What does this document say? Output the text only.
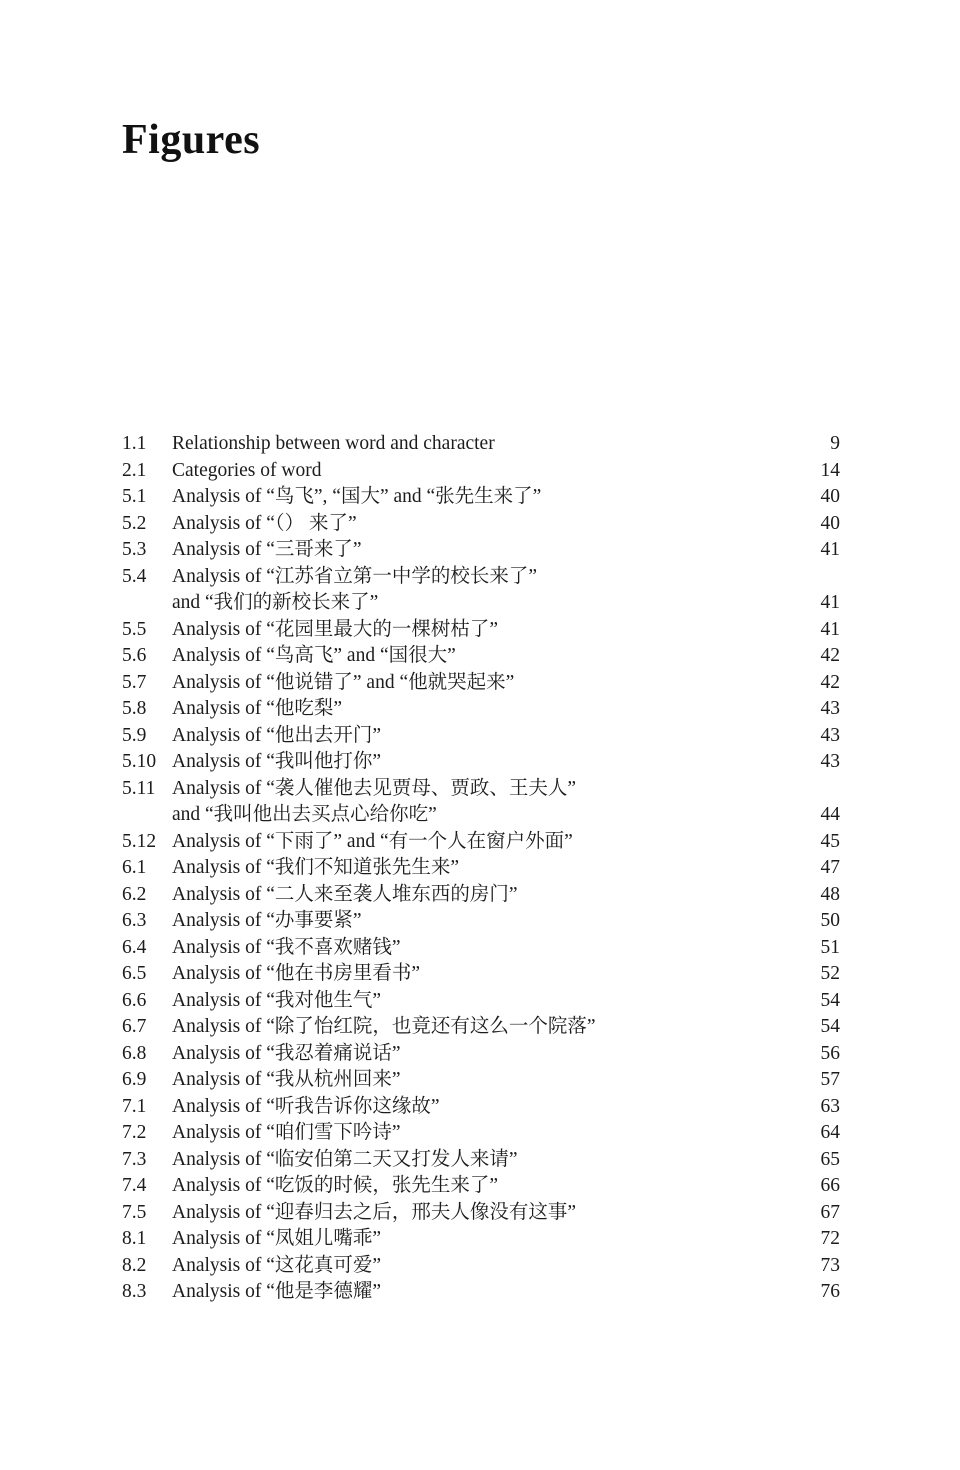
Figures
1.1	Relationship between word and character	9
2.1	Categories of word	14
5.1	Analysis of “鸟飞”, “国大” and “张先生来了”	40
5.2	Analysis of “（） 来了”	40
5.3	Analysis of “三哥来了”	41
5.4	Analysis of “江苏省立第一中学的校长来了”
and “我们的新校长来了”	41
5.5	Analysis of “花园里最大的一棵树枯了”	41
5.6	Analysis of “鸟高飞” and “国很大”	42
5.7	Analysis of “他说错了” and “他就哭起来”	42
5.8	Analysis of “他吃梨”	43
5.9	Analysis of “他出去开门”	43
5.10 Analysis of “我叫他打你”	43
5.11 Analysis of “袭人催他去见贾母、贾政、王夫人”
and “我叫他出去买点心给你吃”	44
5.12 Analysis of “下雨了” and “有一个人在窗户外面”	45
6.1	Analysis of “我们不知道张先生来”	47
6.2	Analysis of “二人来至袭人堆东西的房门”	48
6.3	Analysis of “办事要紧”	50
6.4	Analysis of “我不喜欢赌钱”	51
6.5	Analysis of “他在书房里看书”	52
6.6	Analysis of “我对他生气”	54
6.7	Analysis of “除了怡红院，也竟还有这么一个院落”	54
6.8	Analysis of “我忍着痛说话”	56
6.9	Analysis of “我从杭州回来”	57
7.1	Analysis of “听我告诉你这缘故”	63
7.2	Analysis of “咱们雪下吟诗”	64
7.3	Analysis of “临安伯第二天又打发人来请”	65
7.4	Analysis of “吃饭的时候，张先生来了”	66
7.5	Analysis of “迎春归去之后，邢夫人像没有这事”	67
8.1	Analysis of “凤姐儿嘴乖”	72
8.2	Analysis of “这花真可爱”	73
8.3	Analysis of “他是李德耀”	76
